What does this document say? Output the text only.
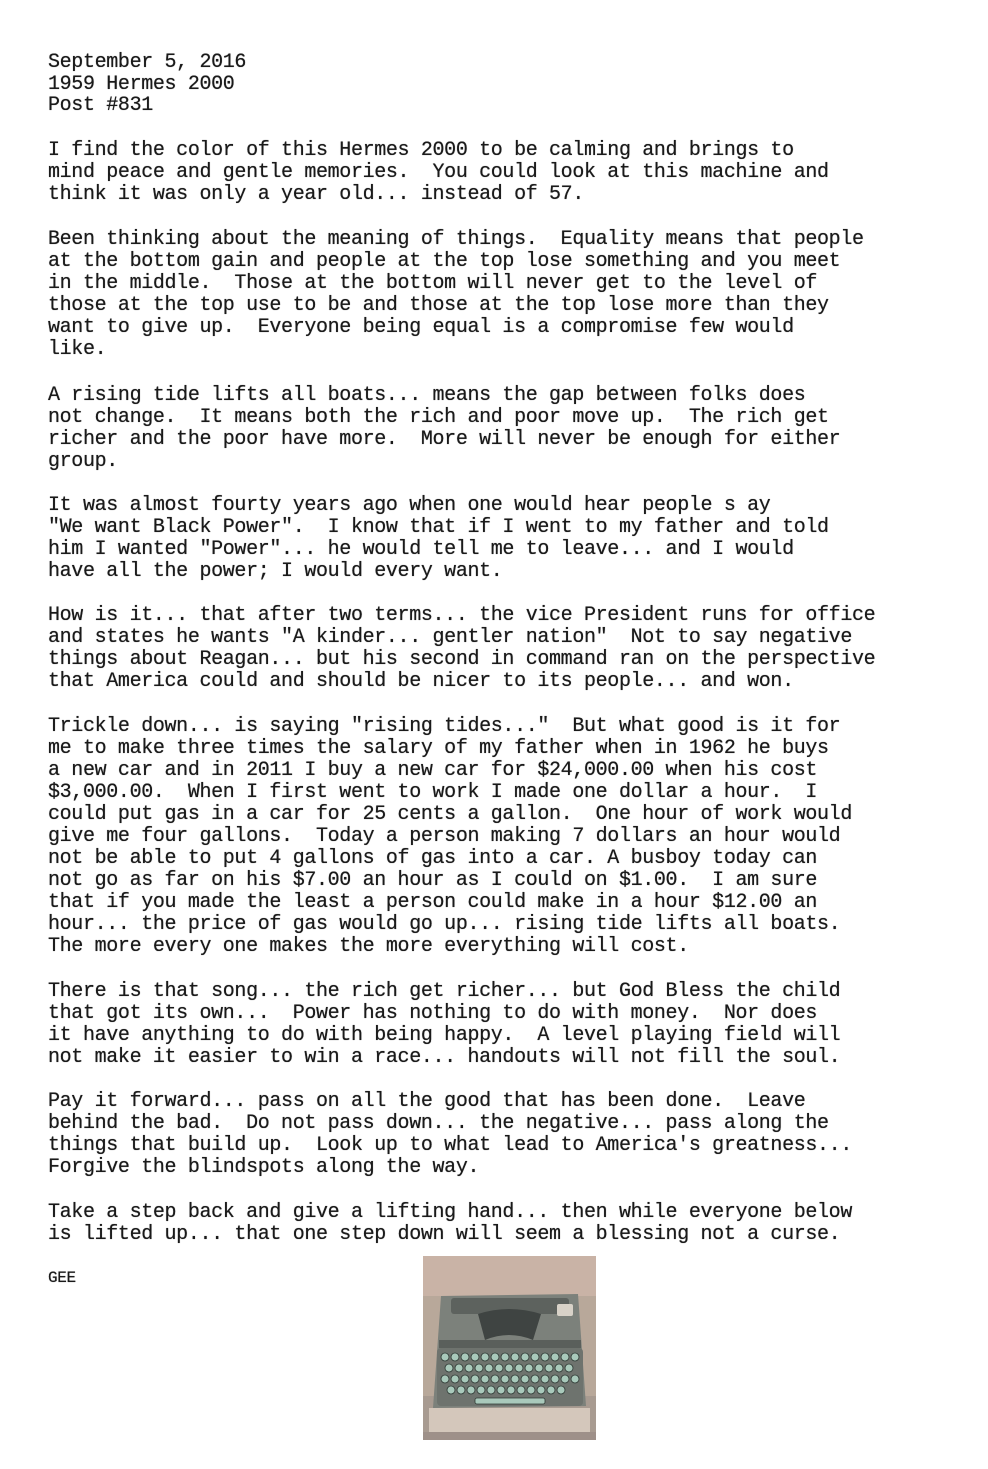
September 5, 2016
1959 Hermes 2000
Post #831
I find the color of this Hermes 2000 to be calming and brings to
mind peace and gentle memories.  You could look at this machine and
think it was only a year old... instead of 57.
Been thinking about the meaning of things.  Equality means that people
at the bottom gain and people at the top lose something and you meet
in the middle.  Those at the bottom will never get to the level of
those at the top use to be and those at the top lose more than they
want to give up.  Everyone being equal is a compromise few would
like.
A rising tide lifts all boats... means the gap between folks does
not change.  It means both the rich and poor move up.  The rich get
richer and the poor have more.  More will never be enough for either
group.
It was almost fourty years ago when one would hear people s ay
"We want Black Power".  I know that if I went to my father and told
him I wanted "Power"... he would tell me to leave... and I would
have all the power; I would every want.
How is it... that after two terms... the vice President runs for office
and states he wants "A kinder... gentler nation"  Not to say negative
things about Reagan... but his second in command ran on the perspective
that America could and should be nicer to its people... and won.
Trickle down... is saying "rising tides..."  But what good is it for
me to make three times the salary of my father when in 1962 he buys
a new car and in 2011 I buy a new car for $24,000.00 when his cost
$3,000.00.  When I first went to work I made one dollar a hour.  I
could put gas in a car for 25 cents a gallon.  One hour of work would
give me four gallons.  Today a person making 7 dollars an hour would
not be able to put 4 gallons of gas into a car. A busboy today can
not go as far on his $7.00 an hour as I could on $1.00.  I am sure
that if you made the least a person could make in a hour $12.00 an
hour... the price of gas would go up... rising tide lifts all boats.
The more every one makes the more everything will cost.
There is that song... the rich get richer... but God Bless the child
that got its own...  Power has nothing to do with money.  Nor does
it have anything to do with being happy.  A level playing field will
not make it easier to win a race... handouts will not fill the soul.
Pay it forward... pass on all the good that has been done.  Leave
behind the bad.  Do not pass down... the negative... pass along the
things that build up.  Look up to what lead to America's greatness...
Forgive the blindspots along the way.
Take a step back and give a lifting hand... then while everyone below
is lifted up... that one step down will seem a blessing not a curse.
GEE
